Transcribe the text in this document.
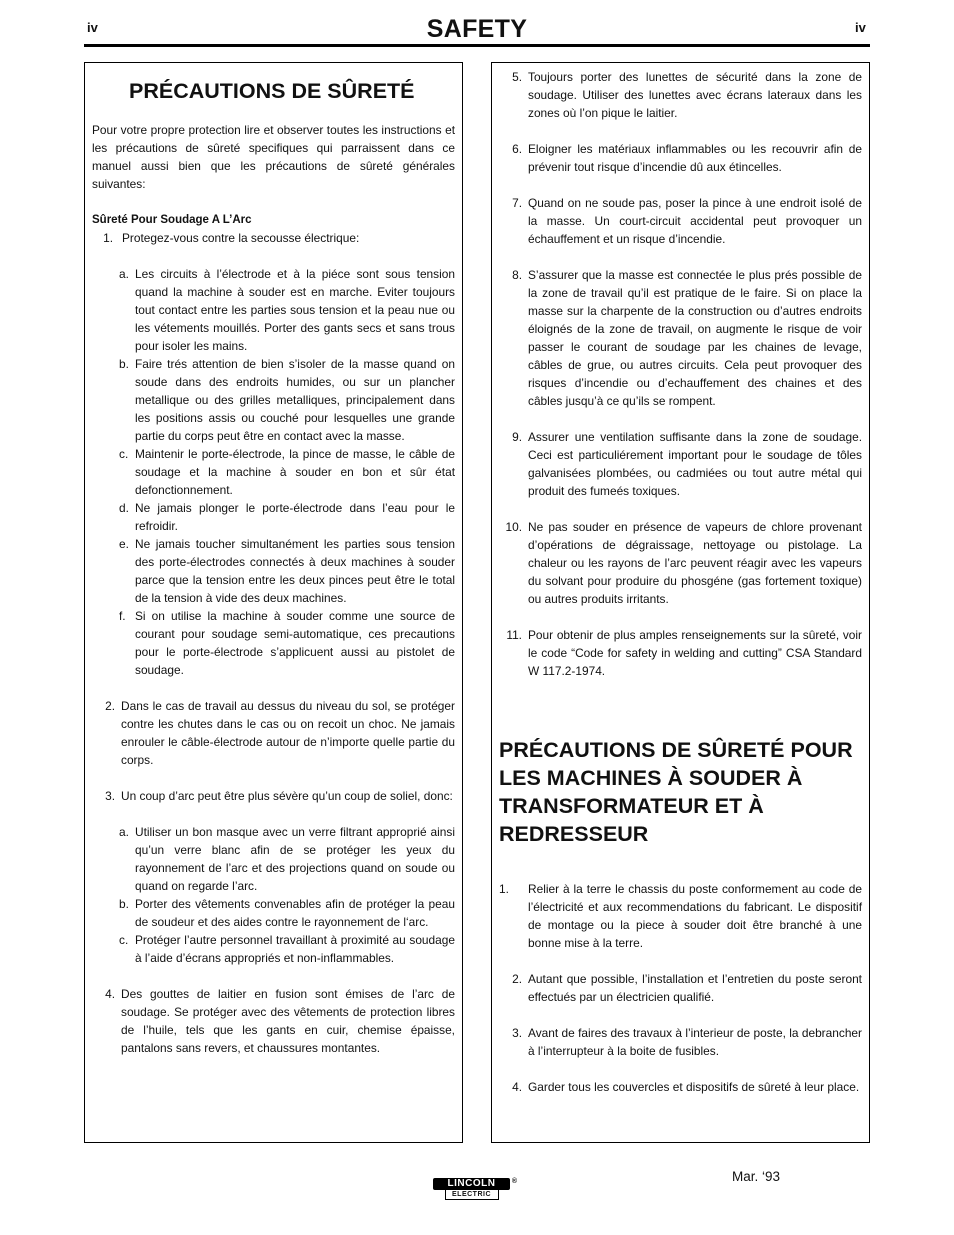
iv	SAFETY	iv
PRÉCAUTIONS DE SÛRETÉ

Pour votre propre protection lire et observer toutes les instructions et les précautions de sûreté specifiques qui parraissent dans ce manuel aussi bien que les précautions de sûreté générales suivantes:

Sûreté Pour Soudage A L’Arc

1. Protegez-vous contre la secousse électrique:
a. Les circuits à l’électrode et à la piéce sont sous tension quand la machine à souder est en marche. Eviter toujours tout contact entre les parties sous tension et la peau nue ou les vétements mouillés. Porter des gants secs et sans trous pour isoler les mains.
b. Faire trés attention de bien s’isoler de la masse quand on soude dans des endroits humides, ou sur un plancher metallique ou des grilles metalliques, principalement dans les positions assis ou couché pour lesquelles une grande partie du corps peut être en contact avec la masse.
c. Maintenir le porte-électrode, la pince de masse, le câble de soudage et la machine à souder en bon et sûr état defonctionnement.
d. Ne jamais plonger le porte-électrode dans l’eau pour le refroidir.
e. Ne jamais toucher simultanément les parties sous tension des porte-électrodes connectés à deux machines à souder parce que la tension entre les deux pinces peut être le total de la tension à vide des deux machines.
f. Si on utilise la machine à souder comme une source de courant pour soudage semi-automatique, ces precautions pour le porte-électrode s’applicuent aussi au pistolet de soudage.
2. Dans le cas de travail au dessus du niveau du sol, se protéger contre les chutes dans le cas ou on recoit un choc. Ne jamais enrouler le câble-électrode autour de n’importe quelle partie du corps.
3. Un coup d’arc peut être plus sévère qu’un coup de soliel, donc:
a. Utiliser un bon masque avec un verre filtrant approprié ainsi qu’un verre blanc afin de se protéger les yeux du rayonnement de l’arc et des projections quand on soude ou quand on regarde l’arc.
b. Porter des vêtements convenables afin de protéger la peau de soudeur et des aides contre le rayonnement de l‘arc.
c. Protéger l’autre personnel travaillant à proximité au soudage à l’aide d’écrans appropriés et non-inflammables.
4. Des gouttes de laitier en fusion sont émises de l’arc de soudage. Se protéger avec des vêtements de protection libres de l’huile, tels que les gants en cuir, chemise épaisse, pantalons sans revers, et chaussures montantes.
5. Toujours porter des lunettes de sécurité dans la zone de soudage. Utiliser des lunettes avec écrans lateraux dans les zones où l’on pique le laitier.
6. Eloigner les matériaux inflammables ou les recouvrir afin de prévenir tout risque d’incendie dû aux étincelles.
7. Quand on ne soude pas, poser la pince à une endroit isolé de la masse. Un court-circuit accidental peut provoquer un échauffement et un risque d’incendie.
8. S’assurer que la masse est connectée le plus prés possible de la zone de travail qu’il est pratique de le faire. Si on place la masse sur la charpente de la construction ou d’autres endroits éloignés de la zone de travail, on augmente le risque de voir passer le courant de soudage par les chaines de levage, câbles de grue, ou autres circuits. Cela peut provoquer des risques d’incendie ou d’echauffement des chaines et des câbles jusqu’à ce qu’ils se rompent.
9. Assurer une ventilation suffisante dans la zone de soudage. Ceci est particuliérement important pour le soudage de tôles galvanisées plombées, ou cadmiées ou tout autre métal qui produit des fumeés toxiques.
10. Ne pas souder en présence de vapeurs de chlore provenant d’opérations de dégraissage, nettoyage ou pistolage. La chaleur ou les rayons de l’arc peuvent réagir avec les vapeurs du solvant pour produire du phosgéne (gas fortement toxique) ou autres produits irritants.
11. Pour obtenir de plus amples renseignements sur la sûreté, voir le code “Code for safety in welding and cutting” CSA Standard W 117.2-1974.
PRÉCAUTIONS DE SÛRETÉ POUR LES MACHINES À SOUDER À TRANSFORMATEUR ET À REDRESSEUR
1.	Relier à la terre le chassis du poste conformement au code de l’électricité et aux recommendations du fabricant. Le dispositif de montage ou la piece à souder doit être branché à une bonne mise à la terre.
2. Autant que possible, l’installation et l’entretien du poste seront effectués par un électricien qualifié.
3. Avant de faires des travaux à l’interieur de poste, la debrancher à l’interrupteur à la boite de fusibles.
4. Garder tous les couvercles et dispositifs de sûreté à leur place.
LINCOLN
ELECTRIC
®	Mar. ‘93
